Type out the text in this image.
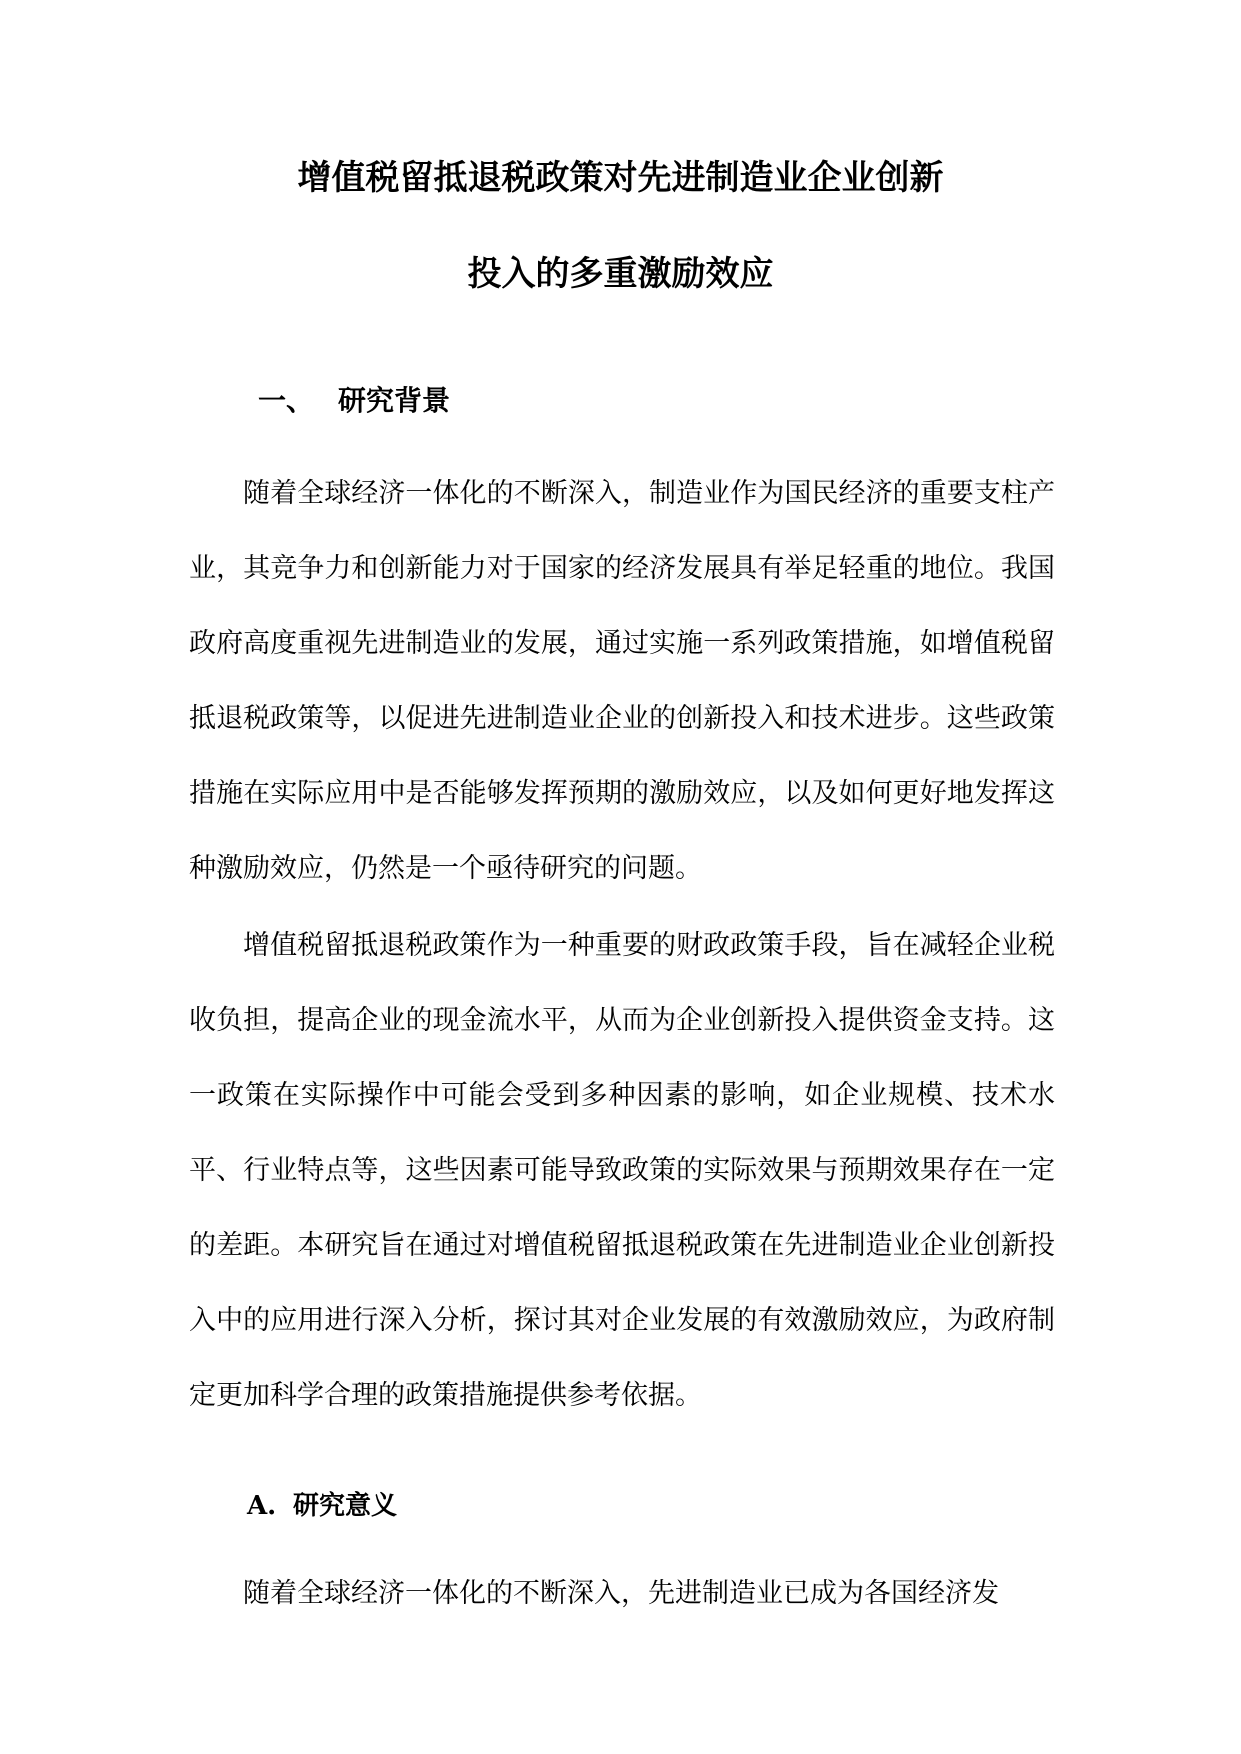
增值税留抵退税政策对先进制造业企业创新
投入的多重激励效应
一、 研究背景

随着全球经济一体化的不断深入，制造业作为国民经济的重要支柱产业，其竞争力和创新能力对于国家的经济发展具有举足轻重的地位。我国政府高度重视先进制造业的发展，通过实施一系列政策措施，如增值税留抵退税政策等，以促进先进制造业企业的创新投入和技术进步。这些政策措施在实际应用中是否能够发挥预期的激励效应，以及如何更好地发挥这种激励效应，仍然是一个亟待研究的问题。

增值税留抵退税政策作为一种重要的财政政策手段，旨在减轻企业税收负担，提高企业的现金流水平，从而为企业创新投入提供资金支持。这一政策在实际操作中可能会受到多种因素的影响，如企业规模、技术水平、行业特点等，这些因素可能导致政策的实际效果与预期效果存在一定的差距。本研究旨在通过对增值税留抵退税政策在先进制造业企业创新投入中的应用进行深入分析，探讨其对企业发展的有效激励效应，为政府制定更加科学合理的政策措施提供参考依据。

A. 研究意义

随着全球经济一体化的不断深入，先进制造业已成为各国经济发
